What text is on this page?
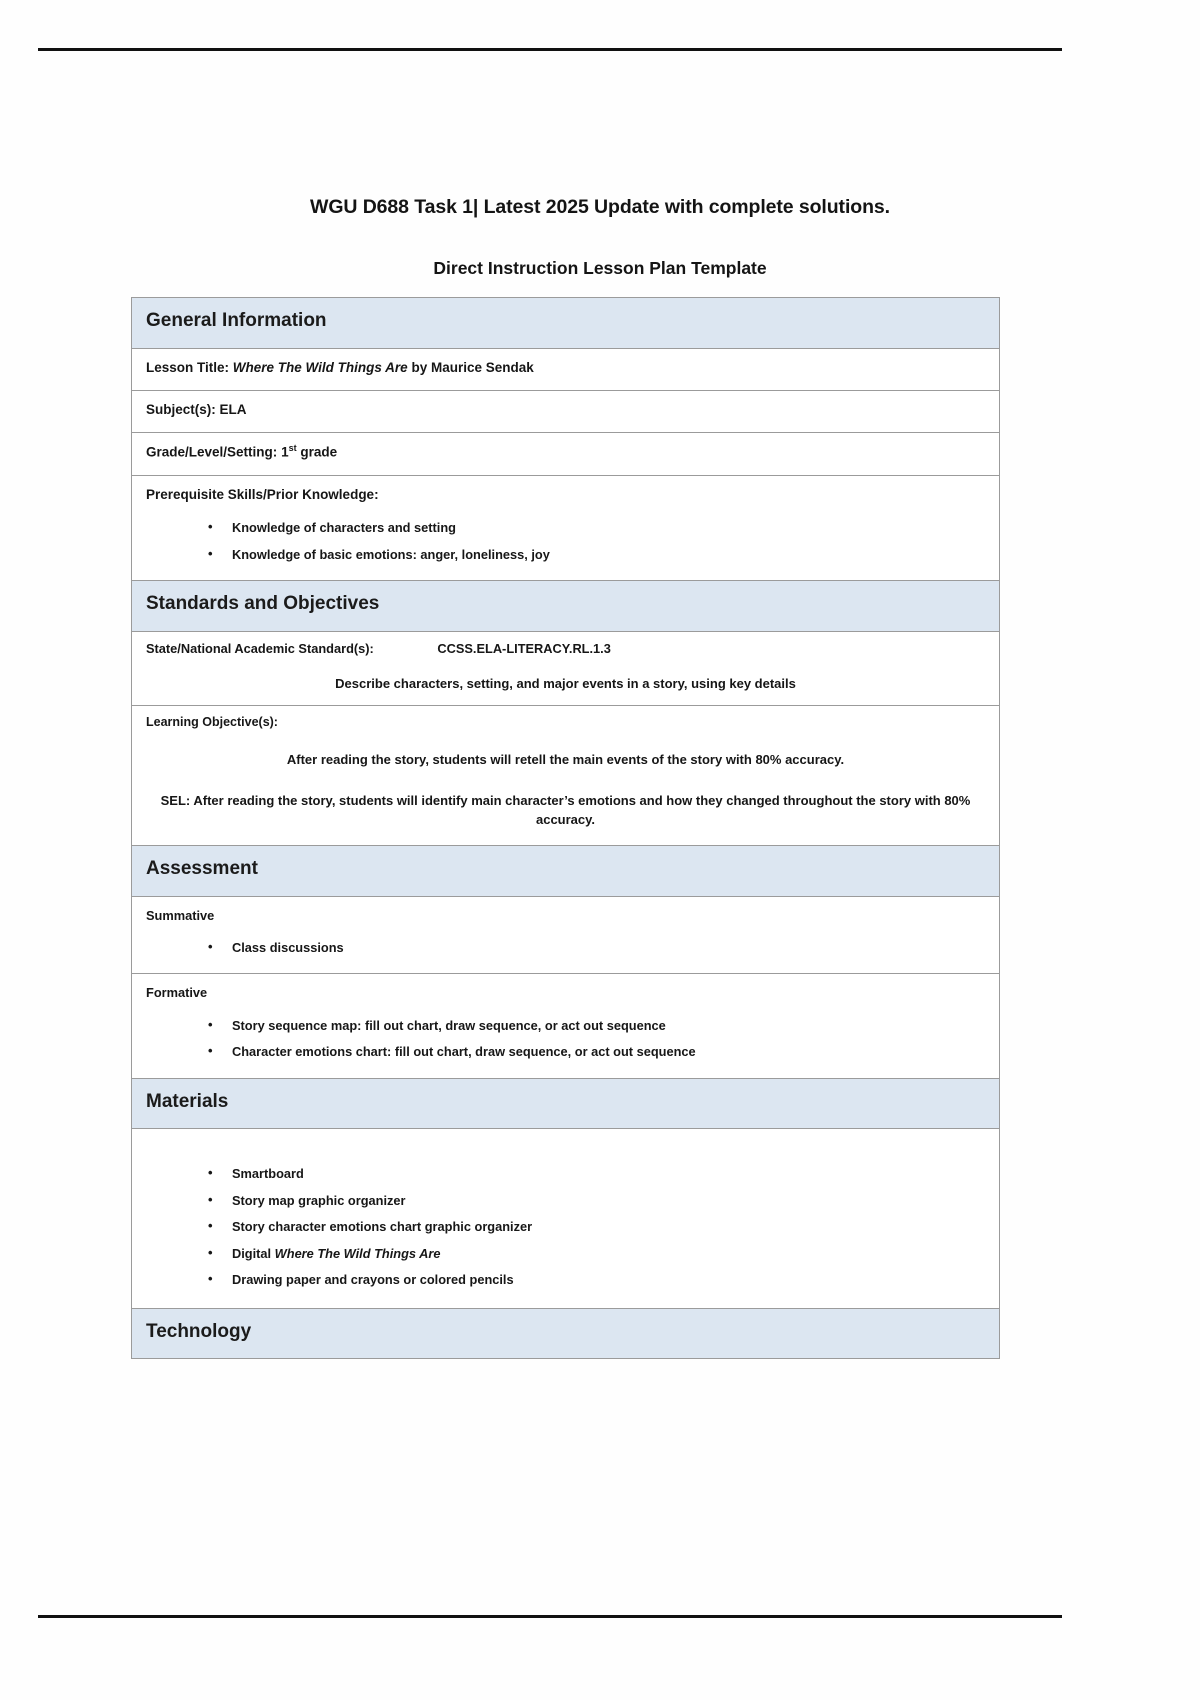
WGU D688 Task 1| Latest 2025 Update with complete solutions.
Direct Instruction Lesson Plan Template
General Information
Lesson Title: Where The Wild Things Are by Maurice Sendak
Subject(s): ELA
Grade/Level/Setting: 1st grade
Prerequisite Skills/Prior Knowledge:
• Knowledge of characters and setting
• Knowledge of basic emotions: anger, loneliness, joy
Standards and Objectives
State/National Academic Standard(s):	CCSS.ELA-LITERACY.RL.1.3
Describe characters, setting, and major events in a story, using key details
Learning Objective(s):
After reading the story, students will retell the main events of the story with 80% accuracy.
SEL: After reading the story, students will identify main character’s emotions and how they changed throughout the story with 80% accuracy.
Assessment
Summative
• Class discussions
Formative
• Story sequence map: fill out chart, draw sequence, or act out sequence
• Character emotions chart: fill out chart, draw sequence, or act out sequence
Materials
• Smartboard
• Story map graphic organizer
• Story character emotions chart graphic organizer
• Digital Where The Wild Things Are
• Drawing paper and crayons or colored pencils
Technology
